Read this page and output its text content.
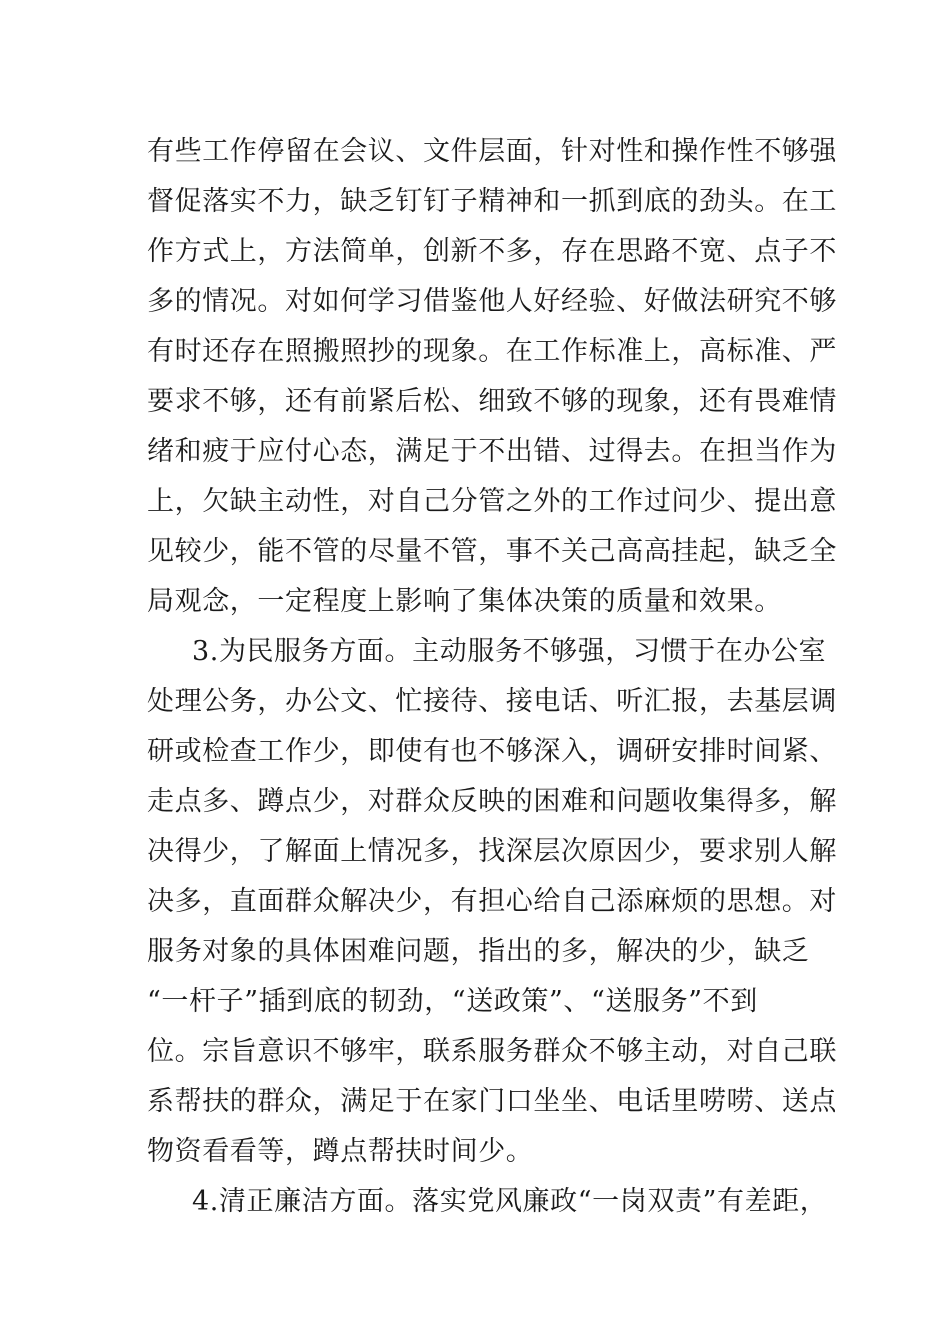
有些工作停留在会议、文件层面，针对性和操作性不够强
督促落实不力，缺乏钉钉子精神和一抓到底的劲头。在工
作方式上，方法简单，创新不多，存在思路不宽、点子不
多的情况。对如何学习借鉴他人好经验、好做法研究不够
有时还存在照搬照抄的现象。在工作标准上，高标准、严
要求不够，还有前紧后松、细致不够的现象，还有畏难情
绪和疲于应付心态，满足于不出错、过得去。在担当作为
上，欠缺主动性，对自己分管之外的工作过问少、提出意
见较少，能不管的尽量不管，事不关己高高挂起，缺乏全
局观念，一定程度上影响了集体决策的质量和效果。
3.为民服务方面。主动服务不够强，习惯于在办公室
处理公务，办公文、忙接待、接电话、听汇报，去基层调
研或检查工作少，即使有也不够深入，调研安排时间紧、
走点多、蹲点少，对群众反映的困难和问题收集得多，解
决得少，了解面上情况多，找深层次原因少，要求别人解
决多，直面群众解决少，有担心给自己添麻烦的思想。对
服务对象的具体困难问题，指出的多，解决的少，缺乏
“一杆子”插到底的韧劲，“送政策”、“送服务”不到
位。宗旨意识不够牢，联系服务群众不够主动，对自己联
系帮扶的群众，满足于在家门口坐坐、电话里唠唠、送点
物资看看等，蹲点帮扶时间少。
4.清正廉洁方面。落实党风廉政“一岗双责”有差距，
